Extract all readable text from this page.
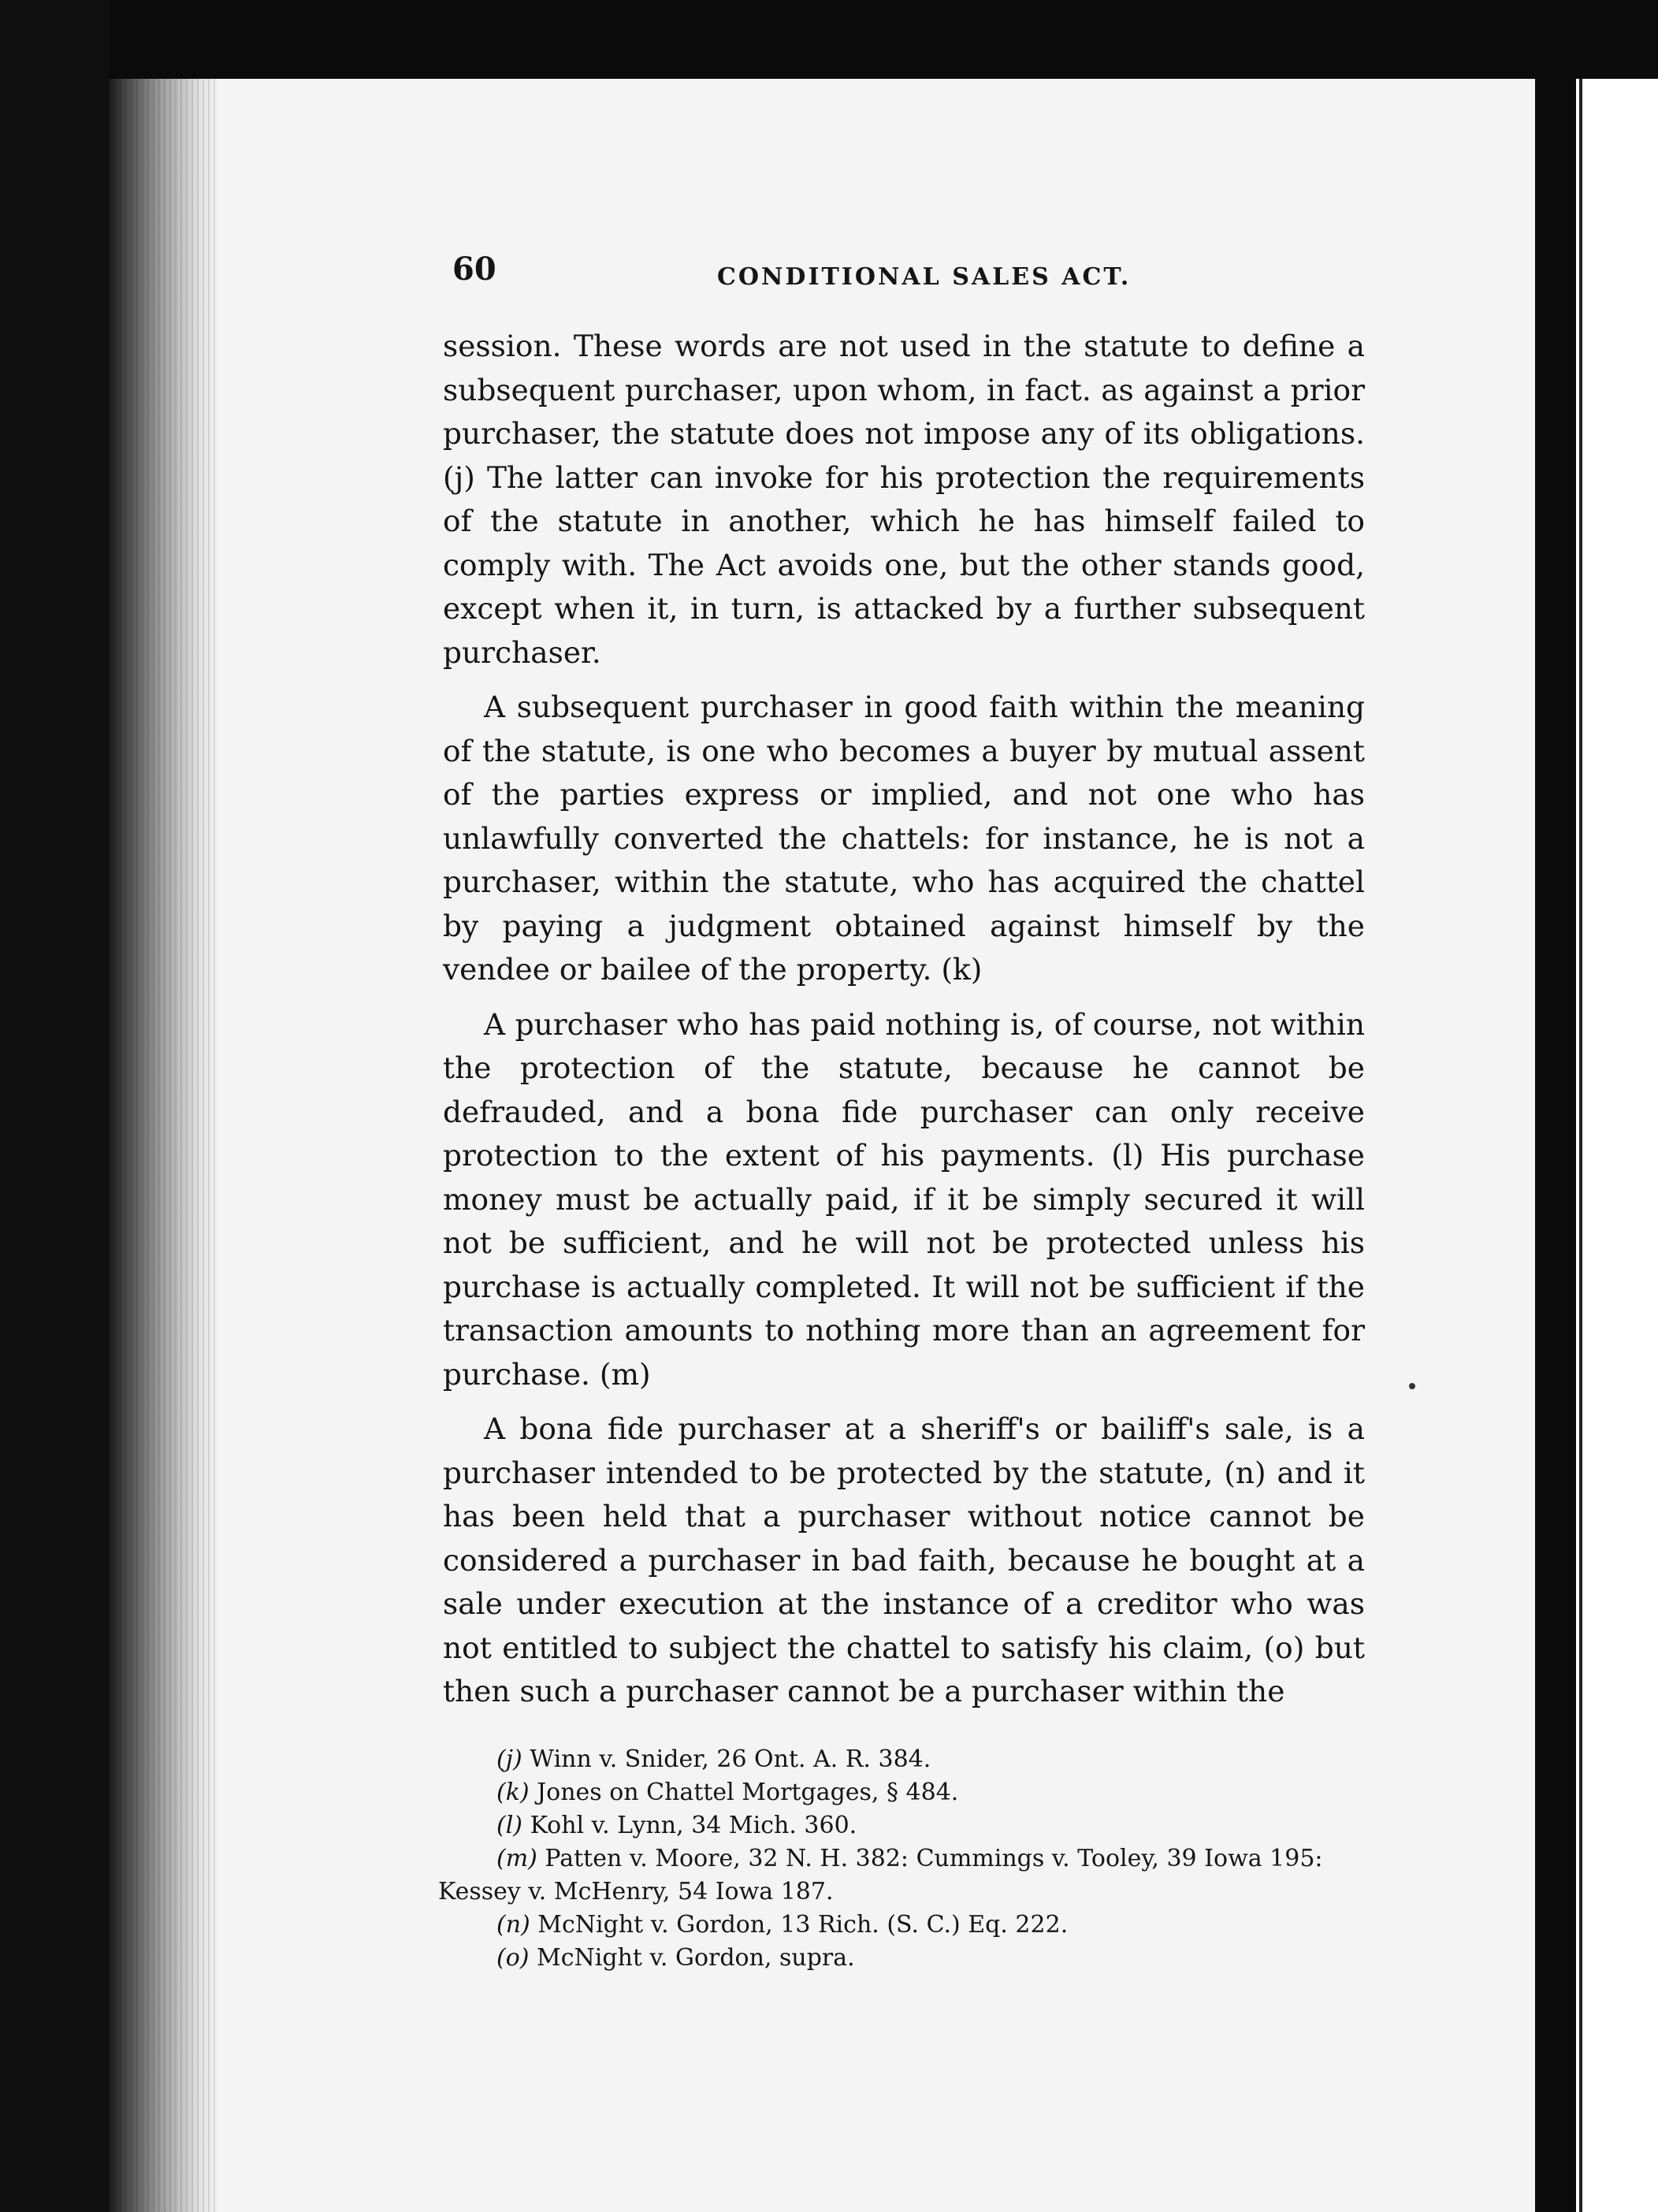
60	CONDITIONAL SALES ACT.

session. These words are not used in the statute to define a subsequent purchaser, upon whom, in fact. as against a prior purchaser, the statute does not impose any of its obligations. (j) The latter can invoke for his protection the requirements of the statute in another, which he has himself failed to comply with. The Act avoids one, but the other stands good, except when it, in turn, is attacked by a further subsequent purchaser.

A subsequent purchaser in good faith within the meaning of the statute, is one who becomes a buyer by mutual assent of the parties express or implied, and not one who has unlawfully converted the chattels: for instance, he is not a purchaser, within the statute, who has acquired the chattel by paying a judgment obtained against himself by the vendee or bailee of the property. (k)

A purchaser who has paid nothing is, of course, not within the protection of the statute, because he cannot be defrauded, and a bona fide purchaser can only receive protection to the extent of his payments. (l) His purchase money must be actually paid, if it be simply secured it will not be sufficient, and he will not be protected unless his purchase is actually completed. It will not be sufficient if the transaction amounts to nothing more than an agreement for purchase. (m)

A bona fide purchaser at a sheriff's or bailiff's sale, is a purchaser intended to be protected by the statute, (n) and it has been held that a purchaser without notice cannot be considered a purchaser in bad faith, because he bought at a sale under execution at the instance of a creditor who was not entitled to subject the chattel to satisfy his claim, (o) but then such a purchaser cannot be a purchaser within the

(j) Winn v. Snider, 26 Ont. A. R. 384.
(k) Jones on Chattel Mortgages, § 484.
(l) Kohl v. Lynn, 34 Mich. 360.
(m) Patten v. Moore, 32 N. H. 382: Cummings v. Tooley, 39 Iowa 195: Kessey v. McHenry, 54 Iowa 187.
(n) McNight v. Gordon, 13 Rich. (S. C.) Eq. 222.
(o) McNight v. Gordon, supra.
